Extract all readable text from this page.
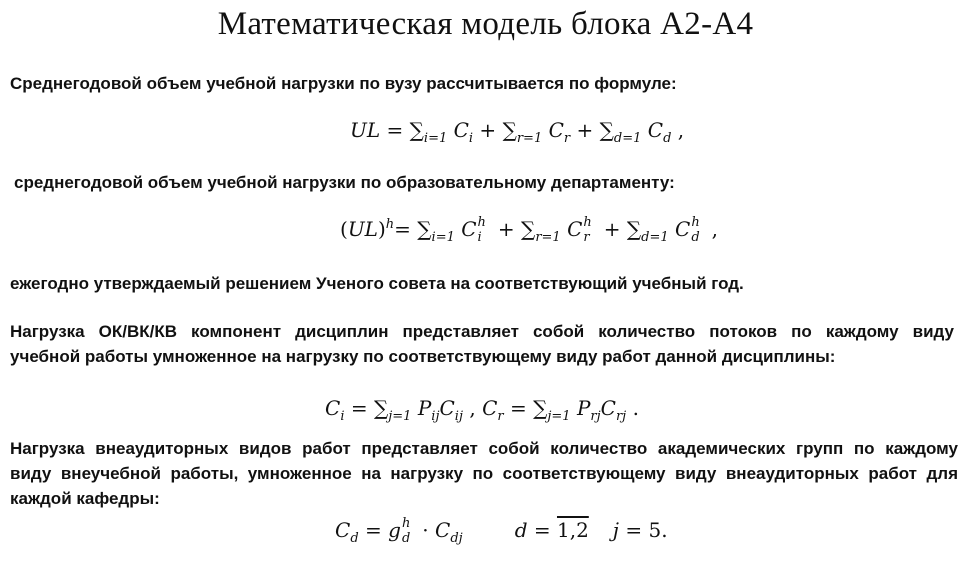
Математическая модель блока А2-А4
Среднегодовой объем учебной нагрузки по вузу рассчитывается по формуле:
UL = $\sum_{i=1}$ $C_i + \sum_{r=1}$ $C_r + \sum_{d=1}$ $C_d$ ,
среднегодовой объем учебной нагрузки по образовательному департаменту:
$(UL)^h= \sum_{i=1}$ C h
$i + \sum_{r=1}$ C h
$r + \sum_{d=1}$ C h
d ,
ежегодно утверждаемый решением Ученого совета на соответствующий учебный год.
Нагрузка ОК/ВК/КВ компонент дисциплин представляет собой количество потоков по каждому виду
учебной работы умноженное на нагрузку по соответствующему виду работ данной дисциплины:
$C_i = \sum_{j=1}$ $P_{ij}C_{ij}$ , $C_r = \sum_{j=1}$ $P_{rj}C_{rj}$ .
Нагрузка внеаудиторных видов работ представляет собой количество академических групп по каждому
виду внеучебной работы, умноженное на нагрузку по соответствующему виду внеаудиторных работ для
каждой кафедры:
$C_d = g$ h
$d \cdot C_{dj}$	d = 1,2 j = 5.
